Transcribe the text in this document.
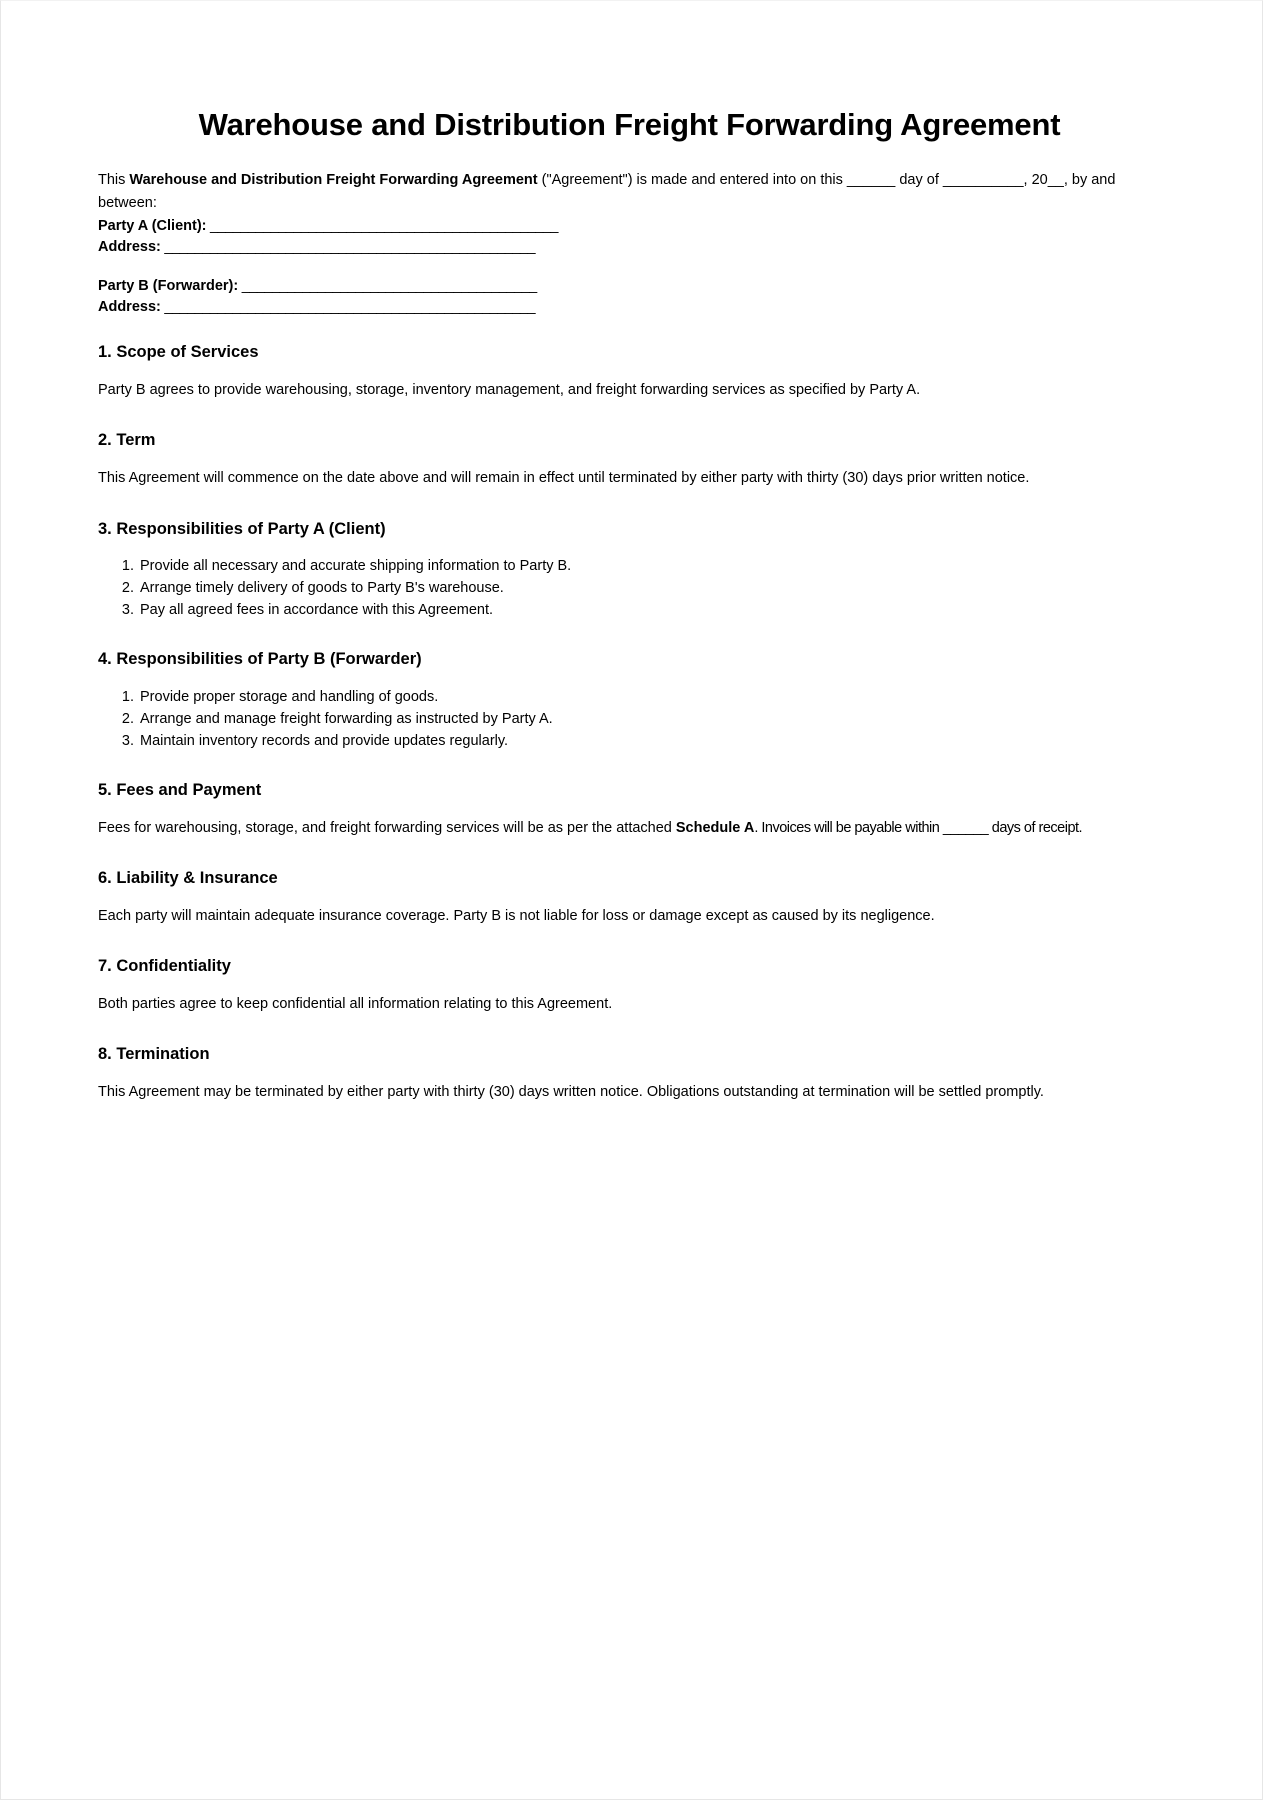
Warehouse and Distribution Freight Forwarding Agreement

This Warehouse and Distribution Freight Forwarding Agreement ("Agreement") is made and entered into on this ______ day of __________, 20__, by and between:

Party A (Client): ______________________________________________
Address: _________________________________________________
Party B (Forwarder): _______________________________________
Address: _________________________________________________
1. Scope of Services

Party B agrees to provide warehousing, storage, inventory management, and freight forwarding services as specified by Party A.

2. Term

This Agreement will commence on the date above and will remain in effect until terminated by either party with thirty (30) days prior written notice.

3. Responsibilities of Party A (Client)
1. Provide all necessary and accurate shipping information to Party B.
2. Arrange timely delivery of goods to Party B's warehouse.
3. Pay all agreed fees in accordance with this Agreement.
4. Responsibilities of Party B (Forwarder)
1. Provide proper storage and handling of goods.
2. Arrange and manage freight forwarding as instructed by Party A.
3. Maintain inventory records and provide updates regularly.
5. Fees and Payment

Fees for warehousing, storage, and freight forwarding services will be as per the attached Schedule A. Invoices will be payable within ______ days of receipt.

6. Liability & Insurance

Each party will maintain adequate insurance coverage. Party B is not liable for loss or damage except as caused by its negligence.

7. Confidentiality

Both parties agree to keep confidential all information relating to this Agreement.

8. Termination

This Agreement may be terminated by either party with thirty (30) days written notice. Obligations outstanding at termination will be settled promptly.
